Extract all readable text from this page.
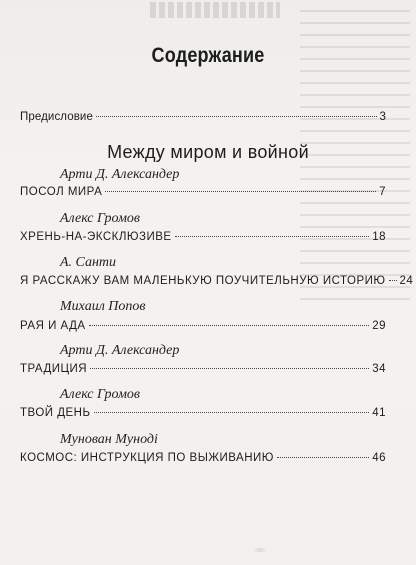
Содержание
Предисловие	3
Между миром и войной
Арти Д. Александер
ПОСОЛ МИРА	7
Алекс Громов
ХРЕНЬ-НА-ЭКСКЛЮЗИВЕ	18
А. Санти
Я РАССКАЖУ ВАМ МАЛЕНЬКУЮ ПОУЧИТЕЛЬНУЮ ИСТОРИЮ 24
Михаил Попов
РАЯ И АДА	29
Арти Д. Александер
ТРАДИЦИЯ	34
Алекс Громов
ТВОЙ ДЕНЬ	41
Мунован Мунодi
КОСМОС: ИНСТРУКЦИЯ ПО ВЫЖИВАНИЮ	46
